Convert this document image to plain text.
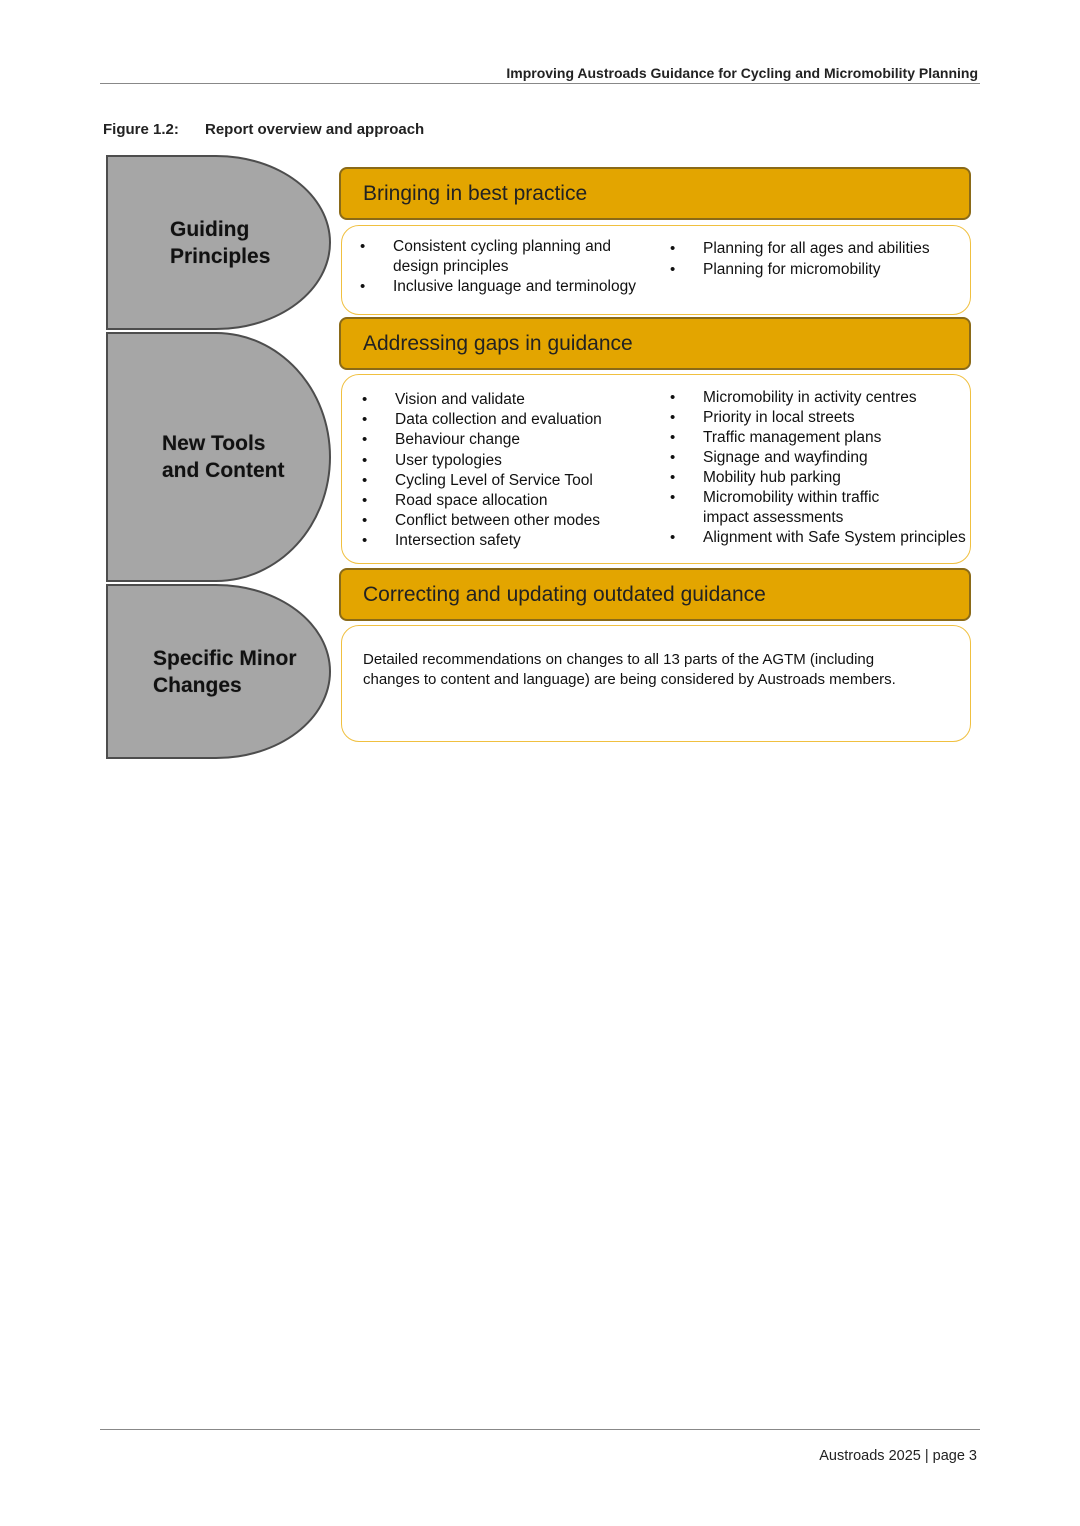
Improving Austroads Guidance for Cycling and Micromobility Planning
Figure 1.2: Report overview and approach
Guiding
Principles
New Tools
and Content
Specific Minor
Changes
Bringing in best practice
• Consistent cycling planning and design principles
• Inclusive language and terminology
• Planning for all ages and abilities
• Planning for micromobility
Addressing gaps in guidance
• Vision and validate
• Data collection and evaluation
• Behaviour change
• User typologies
• Cycling Level of Service Tool
• Road space allocation
• Conflict between other modes
• Intersection safety
• Micromobility in activity centres
• Priority in local streets
• Traffic management plans
• Signage and wayfinding
• Mobility hub parking
• Micromobility within traffic
impact assessments
• Alignment with Safe System principles
Correcting and updating outdated guidance
Detailed recommendations on changes to all 13 parts of the AGTM (including
changes to content and language) are being considered by Austroads members.
Austroads 2025 | page 3
